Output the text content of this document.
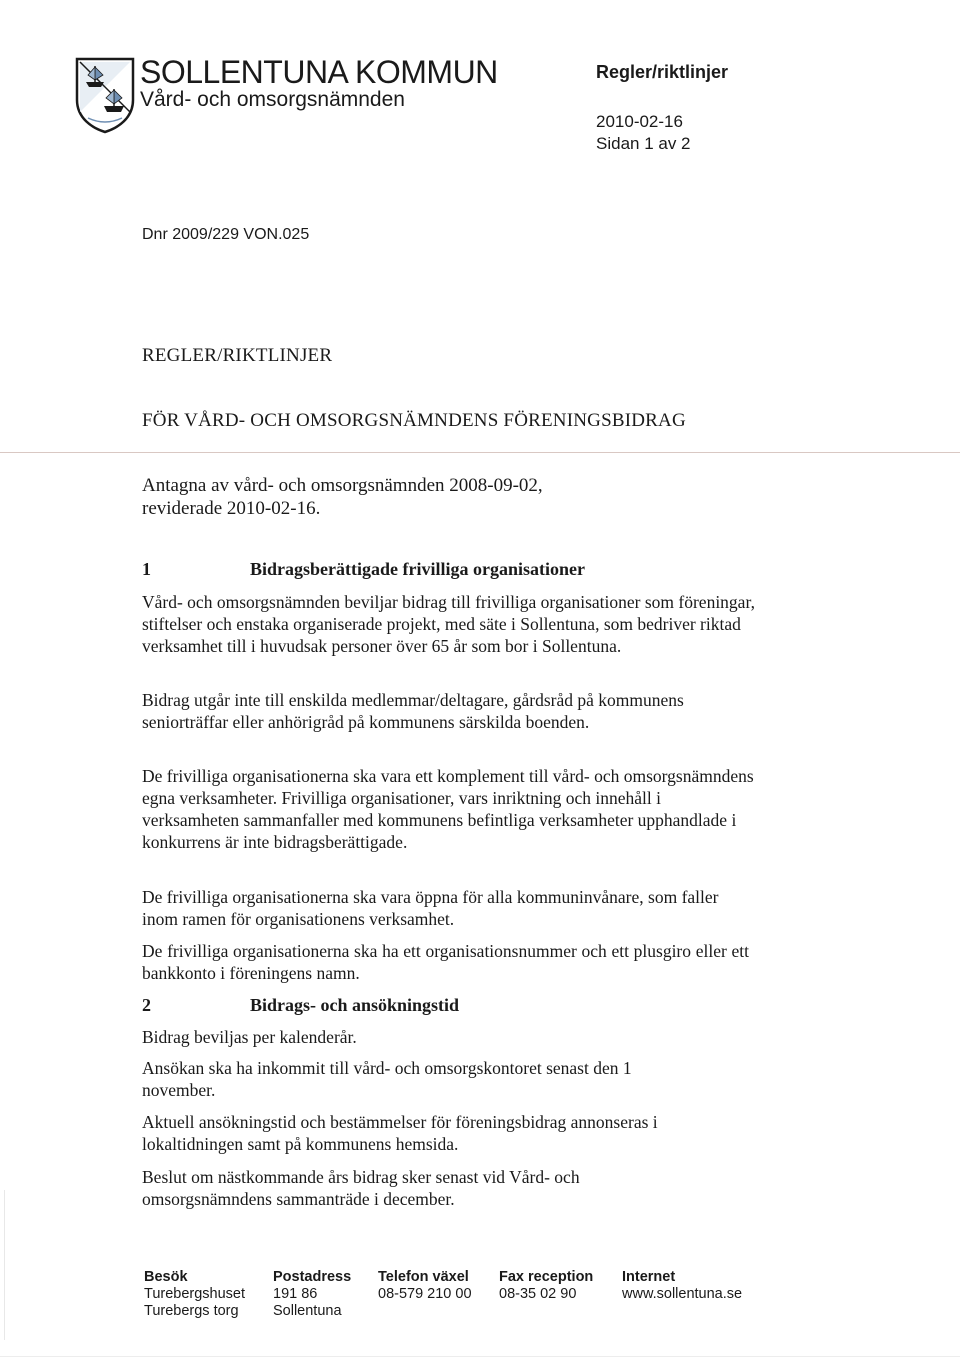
SOLLENTUNA KOMMUN
Vård- och omsorgsnämnden
Regler/riktlinjer
2010-02-16
Sidan 1 av 2
Dnr 2009/229 VON.025
REGLER/RIKTLINJER
FÖR VÅRD- OCH OMSORGSNÄMNDENS FÖRENINGSBIDRAG
Antagna av vård- och omsorgsnämnden 2008-09-02,
reviderade 2010-02-16.
1	Bidragsberättigade frivilliga organisationer
Vård- och omsorgsnämnden beviljar bidrag till frivilliga organisationer som föreningar, stiftelser och enstaka organiserade projekt, med säte i Sollentuna, som bedriver riktad verksamhet till i huvudsak personer över 65 år som bor i Sollentuna.
Bidrag utgår inte till enskilda medlemmar/deltagare, gårdsråd på kommunens seniorträffar eller anhörigråd på kommunens särskilda boenden.
De frivilliga organisationerna ska vara ett komplement till vård- och omsorgsnämndens egna verksamheter. Frivilliga organisationer, vars inriktning och innehåll i verksamheten sammanfaller med kommunens befintliga verksamheter upphandlade i konkurrens är inte bidragsberättigade.
De frivilliga organisationerna ska vara öppna för alla kommuninvånare, som faller inom ramen för organisationens verksamhet.
De frivilliga organisationerna ska ha ett organisationsnummer och ett plusgiro eller ett bankkonto i föreningens namn.
2	Bidrags- och ansökningstid
Bidrag beviljas per kalenderår.
Ansökan ska ha inkommit till vård- och omsorgskontoret senast den 1 november.
Aktuell ansökningstid och bestämmelser för föreningsbidrag annonseras i lokaltidningen samt på kommunens hemsida.
Beslut om nästkommande års bidrag sker senast vid Vård- och omsorgsnämndens sammanträde i december.
Besök
Turebergshuset
Turebergs torg
Postadress
191 86
Sollentuna
Telefon växel
08-579 210 00
Fax reception
08-35 02 90
Internet
www.sollentuna.se
